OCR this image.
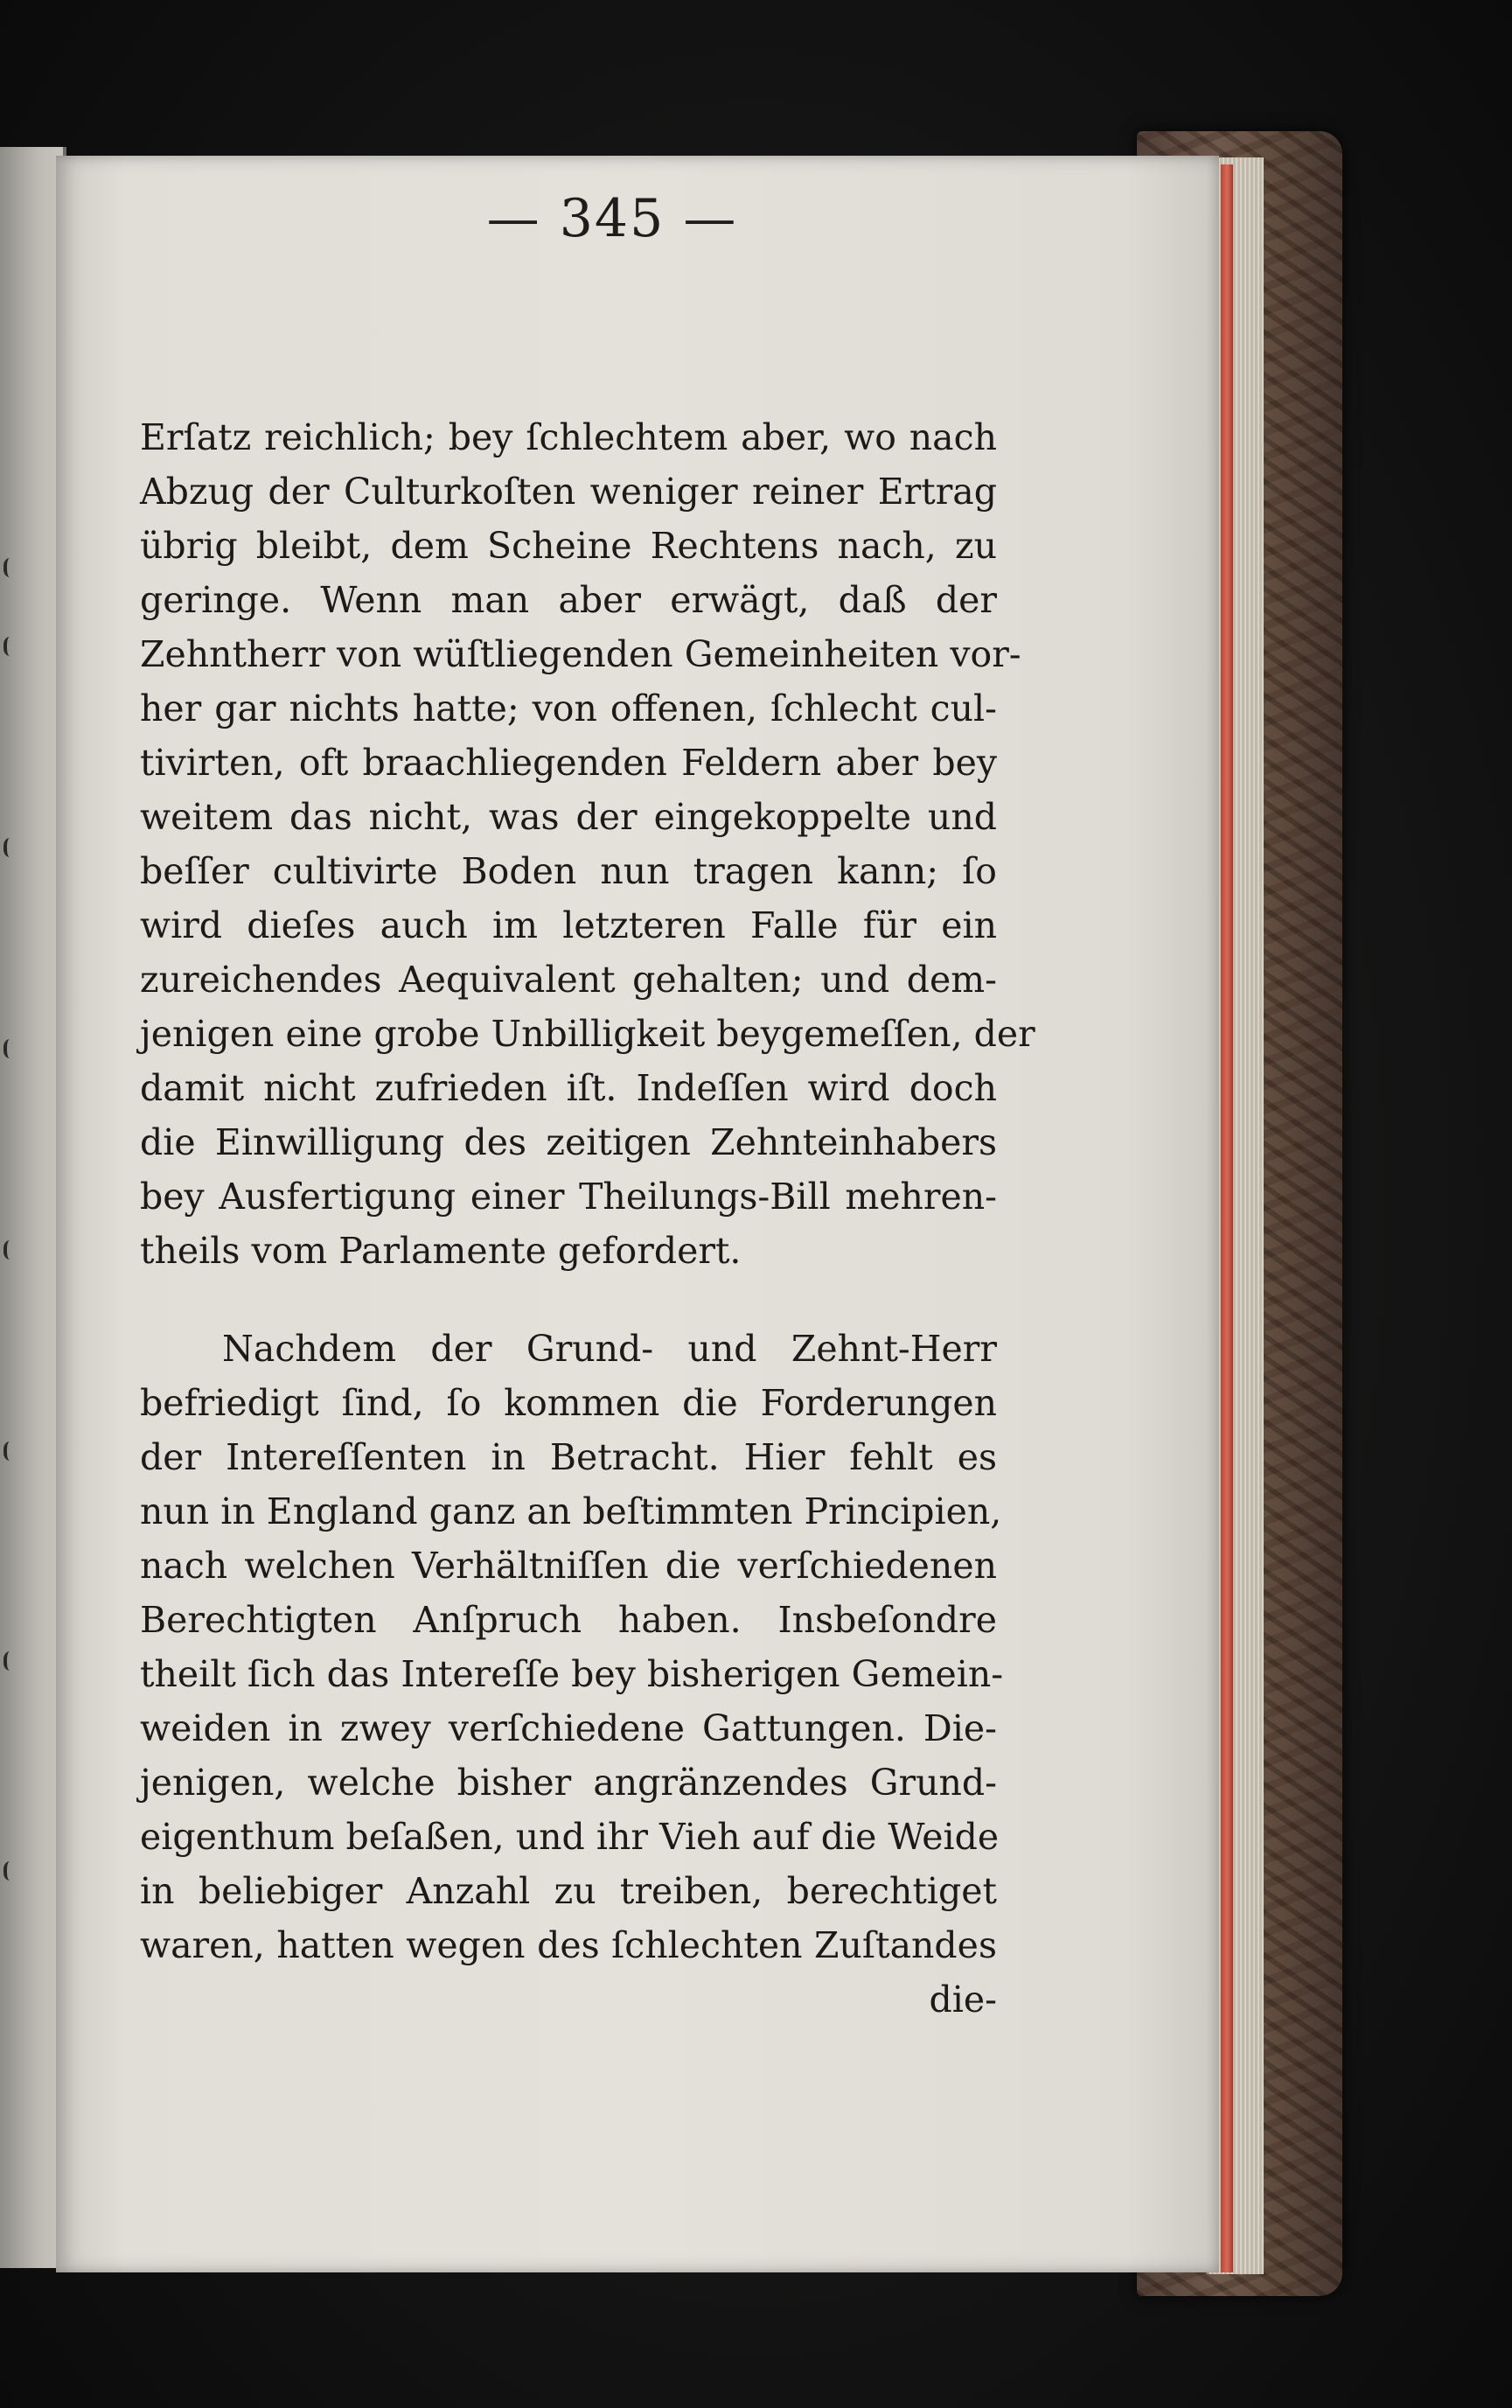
— 345 —
Erſatz reichlich; bey ſchlechtem aber, wo nach
Abzug der Culturkoſten weniger reiner Ertrag
übrig bleibt, dem Scheine Rechtens nach, zu
geringe. Wenn man aber erwägt, daß der
Zehntherr von wüſtliegenden Gemeinheiten vor-
her gar nichts hatte; von offenen, ſchlecht cul-
tivirten, oft braachliegenden Feldern aber bey
weitem das nicht, was der eingekoppelte und
beſſer cultivirte Boden nun tragen kann; ſo
wird dieſes auch im letzteren Falle für ein
zureichendes Aequivalent gehalten; und dem-
jenigen eine grobe Unbilligkeit beygemeſſen, der
damit nicht zufrieden iſt. Indeſſen wird doch
die Einwilligung des zeitigen Zehnteinhabers
bey Ausfertigung einer Theilungs-Bill mehren-
theils vom Parlamente gefordert.
Nachdem der Grund- und Zehnt-Herr
befriedigt ſind, ſo kommen die Forderungen
der Intereſſenten in Betracht. Hier fehlt es
nun in England ganz an beſtimmten Principien,
nach welchen Verhältniſſen die verſchiedenen
Berechtigten Anſpruch haben. Insbeſondre
theilt ſich das Intereſſe bey bisherigen Gemein-
weiden in zwey verſchiedene Gattungen. Die-
jenigen, welche bisher angränzendes Grund-
eigenthum beſaßen, und ihr Vieh auf die Weide
in beliebiger Anzahl zu treiben, berechtiget
waren, hatten wegen des ſchlechten Zuſtandes
die-
